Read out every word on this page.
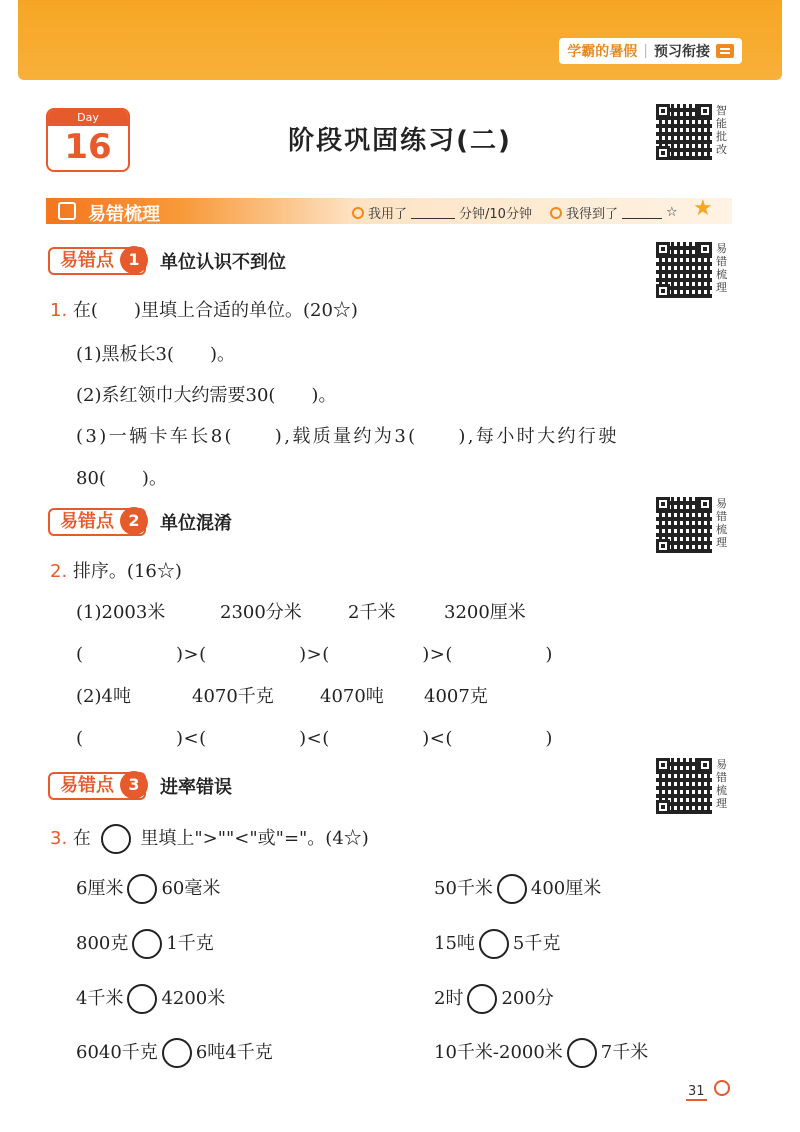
学霸的暑假 | 预习衔接
Day
16	阶段巩固练习(二)
智能批改
易错梳理	我用了	分钟/10分钟	我得到了	☆ ★
易错点 1	单位认识不到位
易错梳理
1. 在(　　)里填上合适的单位。(20☆)
(1)黑板长3(　　)。
(2)系红领巾大约需要30(　　)。
(3)一辆卡车长8(　　),载质量约为3(　　),每小时大约行驶
80(　　)。
易错点 2	单位混淆
易错梳理
2. 排序。(16☆)
(1)2003米	2300分米	2千米	3200厘米
(　　　　　)>(　　　　　)>(　　　　　)>(　　　　　)
(2)4吨	4070千克	4070吨 4007克
(　　　　　)<(　　　　　)<(　　　　　)<(　　　　　)
易错点 3	进率错误
易错梳理
3. 在	里填上">""<"或"="。(4☆)
6厘米 60毫米	50千米 400厘米
800克 1千克	15吨 5千克
4千米 4200米	2时 200分
6040千克 6吨4千克	10千米-2000米 7千米
31
